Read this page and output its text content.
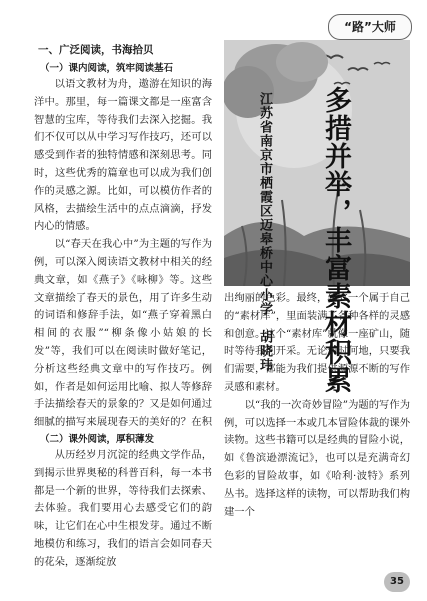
“路”大师
一、广泛阅读，书海拾贝
（一）课内阅读，筑牢阅读基石

以语文教材为舟，遨游在知识的海洋中。那里，每一篇课文都是一座富含智慧的宝库，等待我们去深入挖掘。我们不仅可以从中学习写作技巧，还可以感受到作者的独特情感和深刻思考。同时，这些优秀的篇章也可以成为我们创作的灵感之源。比如，可以模仿作者的风格，去描绘生活中的点点滴滴，抒发内心的情感。

以“春天在我心中”为主题的写作为例，可以深入阅读语文教材中相关的经典文章，如《燕子》《咏柳》等。这些文章描绘了春天的景色，用了许多生动的词语和修辞手法，如“燕子穿着黑白相间的衣服”“柳条像小姑娘的长发”等，我们可以在阅读时做好笔记，分析这些经典文章中的写作技巧。例如，作者是如何运用比喻、拟人等修辞手法描绘春天的景象的？又是如何通过细腻的描写来展现春天的美好的？在积

（二）课外阅读，厚积薄发

从历经岁月沉淀的经典文学作品，到揭示世界奥秘的科普百科，每一本书都是一个新的世界，等待我们去探索、去体验。我们要用心去感受它们的韵味，让它们在心中生根发芽。通过不断地模仿和练习，我们的语言会如同春天的花朵，逐渐绽放

多措并举，丰富素材积累
江苏省南京市栖霞区迈皋桥中心小学　胡晓玮

出绚丽的色彩。最终，建立一个属于自己的“素材库”，里面装满了各种各样的灵感和创意。这个“素材库”就像一座矿山，随时等待我们开采。无论何时何地，只要我们需要，都能为我们提供源源不断的写作灵感和素材。

以“我的一次奇妙冒险”为题的写作为例，可以选择一本或几本冒险体裁的课外读物。这些书籍可以是经典的冒险小说，如《鲁滨逊漂流记》，也可以是充满奇幻色彩的冒险故事，如《哈利·波特》系列丛书。选择这样的读物，可以帮助我们构建一个

35
